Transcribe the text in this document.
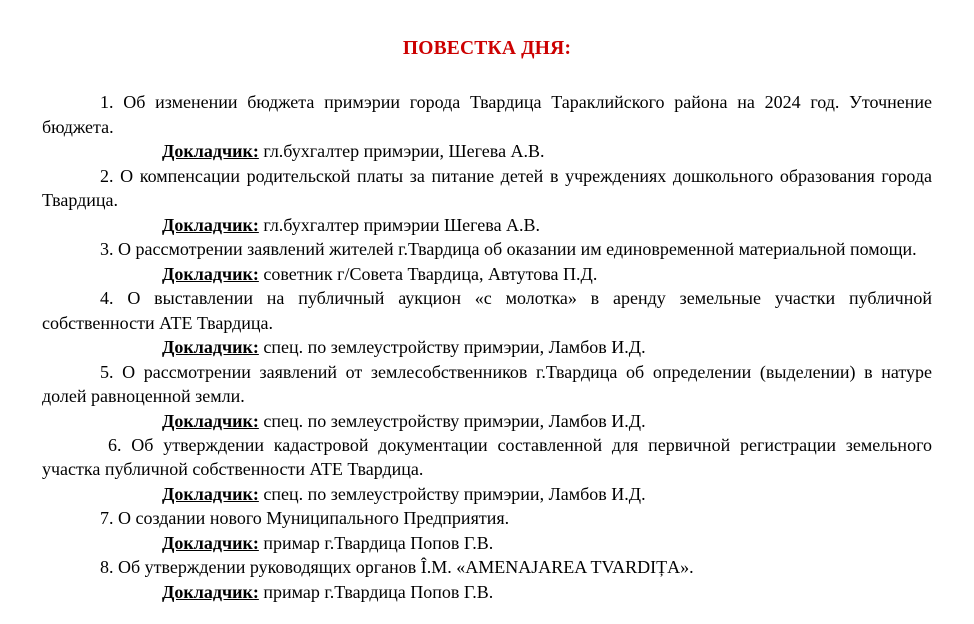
ПОВЕСТКА ДНЯ:

1. Об изменении бюджета примэрии города Твардица Тараклийского района на 2024 год. Уточнение бюджета.

Докладчик: гл.бухгалтер примэрии, Шегева А.В.

2. О компенсации родительской платы за питание детей в учреждениях дошкольного образования города Твардица.

Докладчик: гл.бухгалтер примэрии Шегева А.В.

3. О рассмотрении заявлений жителей г.Твардица об оказании им единовременной материальной помощи.

Докладчик: советник г/Совета Твардица, Автутова П.Д.

4. О выставлении на публичный аукцион «с молотка» в аренду земельные участки публичной собственности АТЕ Твардица.

Докладчик: спец. по землеустройству примэрии, Ламбов И.Д.

5. О рассмотрении заявлений от землесобственников г.Твардица об определении (выделении) в натуре долей равноценной земли.

Докладчик: спец. по землеустройству примэрии, Ламбов И.Д.

6. Об утверждении кадастровой документации составленной для первичной регистрации земельного участка публичной собственности АТЕ Твардица.

Докладчик: спец. по землеустройству примэрии, Ламбов И.Д.

7. О создании нового Муниципального Предприятия.

Докладчик: примар г.Твардица Попов Г.В.

8. Об утверждении руководящих органов Î.M. «AMENAJAREA TVARDIȚA».

Докладчик: примар г.Твардица Попов Г.В.
